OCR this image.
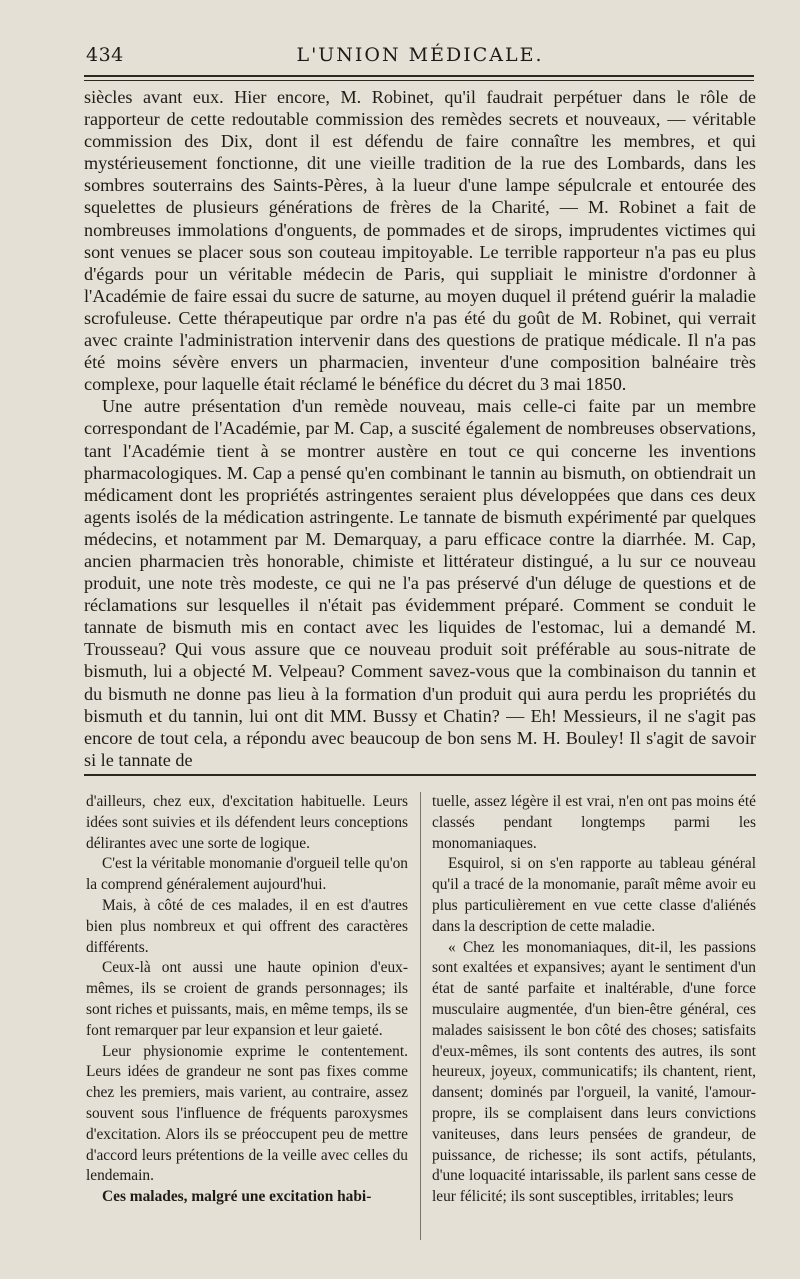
434	L'UNION MÉDICALE.

siècles avant eux. Hier encore, M. Robinet, qu'il faudrait perpétuer dans le rôle de rapporteur de cette redoutable commission des remèdes secrets et nouveaux, — véritable commission des Dix, dont il est défendu de faire connaître les membres, et qui mystérieusement fonctionne, dit une vieille tradition de la rue des Lombards, dans les sombres souterrains des Saints-Pères, à la lueur d'une lampe sépulcrale et entourée des squelettes de plusieurs générations de frères de la Charité, — M. Robinet a fait de nombreuses immolations d'onguents, de pommades et de sirops, imprudentes victimes qui sont venues se placer sous son couteau impitoyable. Le terrible rapporteur n'a pas eu plus d'égards pour un véritable médecin de Paris, qui suppliait le ministre d'ordonner à l'Académie de faire essai du sucre de saturne, au moyen duquel il prétend guérir la maladie scrofuleuse. Cette thérapeutique par ordre n'a pas été du goût de M. Robinet, qui verrait avec crainte l'administration intervenir dans des questions de pratique médicale. Il n'a pas été moins sévère envers un pharmacien, inventeur d'une composition balnéaire très complexe, pour laquelle était réclamé le bénéfice du décret du 3 mai 1850.

Une autre présentation d'un remède nouveau, mais celle-ci faite par un membre correspondant de l'Académie, par M. Cap, a suscité également de nombreuses observations, tant l'Académie tient à se montrer austère en tout ce qui concerne les inventions pharmacologiques. M. Cap a pensé qu'en combinant le tannin au bismuth, on obtiendrait un médicament dont les propriétés astringentes seraient plus développées que dans ces deux agents isolés de la médication astringente. Le tannate de bismuth expérimenté par quelques médecins, et notamment par M. Demarquay, a paru efficace contre la diarrhée. M. Cap, ancien pharmacien très honorable, chimiste et littérateur distingué, a lu sur ce nouveau produit, une note très modeste, ce qui ne l'a pas préservé d'un déluge de questions et de réclamations sur lesquelles il n'était pas évidemment préparé. Comment se conduit le tannate de bismuth mis en contact avec les liquides de l'estomac, lui a demandé M. Trousseau? Qui vous assure que ce nouveau produit soit préférable au sous-nitrate de bismuth, lui a objecté M. Velpeau? Comment savez-vous que la combinaison du tannin et du bismuth ne donne pas lieu à la formation d'un produit qui aura perdu les propriétés du bismuth et du tannin, lui ont dit MM. Bussy et Chatin? — Eh! Messieurs, il ne s'agit pas encore de tout cela, a répondu avec beaucoup de bon sens M. H. Bouley! Il s'agit de savoir si le tannate de

d'ailleurs, chez eux, d'excitation habituelle. Leurs idées sont suivies et ils défendent leurs conceptions délirantes avec une sorte de logique.

C'est la véritable monomanie d'orgueil telle qu'on la comprend généralement aujourd'hui.

Mais, à côté de ces malades, il en est d'autres bien plus nombreux et qui offrent des caractères différents.

Ceux-là ont aussi une haute opinion d'eux-mêmes, ils se croient de grands personnages; ils sont riches et puissants, mais, en même temps, ils se font remarquer par leur expansion et leur gaieté.

Leur physionomie exprime le contentement. Leurs idées de grandeur ne sont pas fixes comme chez les premiers, mais varient, au contraire, assez souvent sous l'influence de fréquents paroxysmes d'excitation. Alors ils se préoccupent peu de mettre d'accord leurs prétentions de la veille avec celles du lendemain.

Ces malades, malgré une excitation habi-

tuelle, assez légère il est vrai, n'en ont pas moins été classés pendant longtemps parmi les monomaniaques.

Esquirol, si on s'en rapporte au tableau général qu'il a tracé de la monomanie, paraît même avoir eu plus particulièrement en vue cette classe d'aliénés dans la description de cette maladie.

« Chez les monomaniaques, dit-il, les passions sont exaltées et expansives; ayant le sentiment d'un état de santé parfaite et inaltérable, d'une force musculaire augmentée, d'un bien-être général, ces malades saisissent le bon côté des choses; satisfaits d'eux-mêmes, ils sont contents des autres, ils sont heureux, joyeux, communicatifs; ils chantent, rient, dansent; dominés par l'orgueil, la vanité, l'amour-propre, ils se complaisent dans leurs convictions vaniteuses, dans leurs pensées de grandeur, de puissance, de richesse; ils sont actifs, pétulants, d'une loquacité intarissable, ils parlent sans cesse de leur félicité; ils sont susceptibles, irritables; leurs
